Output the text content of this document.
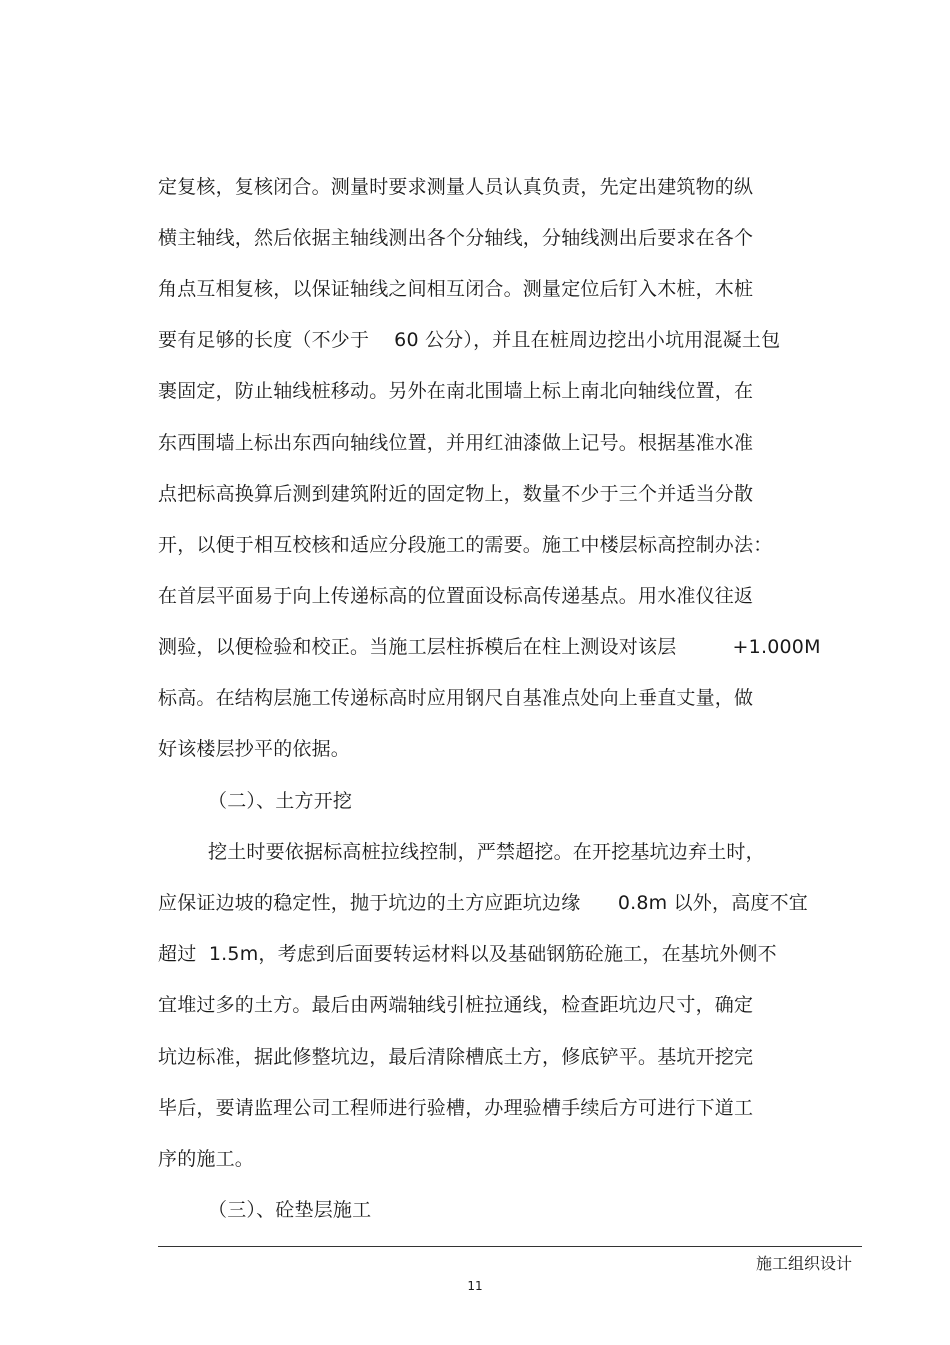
定复核，复核闭合。测量时要求测量人员认真负责，先定出建筑物的纵
横主轴线，然后依据主轴线测出各个分轴线，分轴线测出后要求在各个
角点互相复核，以保证轴线之间相互闭合。测量定位后钉入木桩，木桩
要有足够的长度（不少于    60 公分），并且在桩周边挖出小坑用混凝土包
裹固定，防止轴线桩移动。另外在南北围墙上标上南北向轴线位置，在
东西围墙上标出东西向轴线位置，并用红油漆做上记号。根据基准水准
点把标高换算后测到建筑附近的固定物上，数量不少于三个并适当分散
开，以便于相互校核和适应分段施工的需要。施工中楼层标高控制办法：
在首层平面易于向上传递标高的位置面设标高传递基点。用水准仪往返
测验，以便检验和校正。当施工层柱拆模后在柱上测设对该层         +1.000M
标高。在结构层施工传递标高时应用钢尺自基准点处向上垂直丈量，做
好该楼层抄平的依据。
（二）、土方开挖
挖土时要依据标高桩拉线控制，严禁超挖。在开挖基坑边弃土时，
应保证边坡的稳定性，抛于坑边的土方应距坑边缘      0.8m 以外，高度不宜
超过  1.5m，考虑到后面要转运材料以及基础钢筋砼施工，在基坑外侧不
宜堆过多的土方。最后由两端轴线引桩拉通线，检查距坑边尺寸，确定
坑边标准，据此修整坑边，最后清除槽底土方，修底铲平。基坑开挖完
毕后，要请监理公司工程师进行验槽，办理验槽手续后方可进行下道工
序的施工。
（三）、砼垫层施工
施工组织设计
11
